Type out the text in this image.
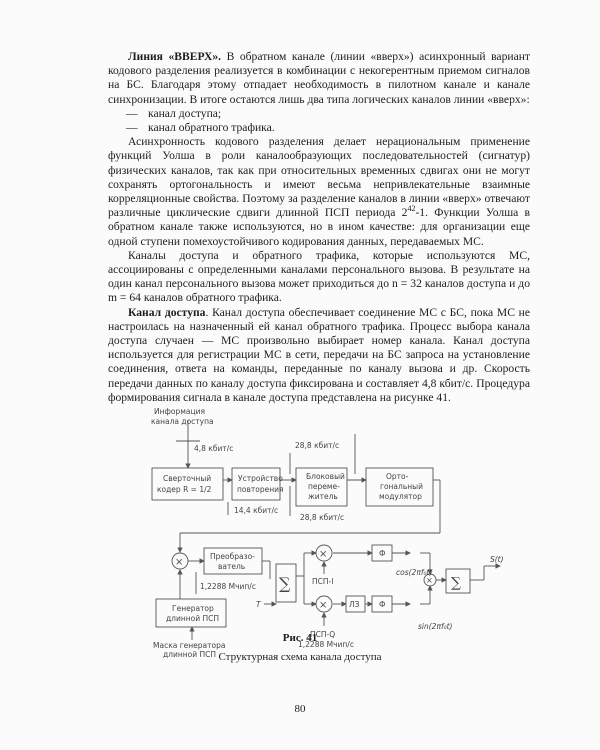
Линия «ВВЕРХ». В обратном канале (линии «вверх») асинхронный вариант кодового разделения реализуется в комбинации с некогерентным приемом сигналов на БС. Благодаря этому отпадает необходимость в пилотном канале и канале синхронизации. В итоге остаются лишь два типа логических каналов линии «вверх»:

— канал доступа;

— канал обратного трафика.

Асинхронность кодового разделения делает нерациональным применение функций Уолша в роли каналообразующих последовательностей (сигнатур) физических каналов, так как при относительных временных сдвигах они не могут сохранять ортогональность и имеют весьма непривлекательные взаимные корреляционные свойства. Поэтому за разделение каналов в линии «вверх» отвечают различные циклические сдвиги длинной ПСП периода $2^{42}-1$. Функции Уолша в обратном канале также используются, но в ином качестве: для организации еще одной ступени помехоустойчивого кодирования данных, передаваемых МС.

Каналы доступа и обратного трафика, которые используются МС, ассоциированы с определенными каналами персонального вызова. В результате на один канал персонального вызова может приходиться до n = 32 каналов доступа и до m = 64 каналов обратного трафика.

Канал доступа. Канал доступа обеспечивает соединение МС с БС, пока МС не настроилась на назначенный ей канал обратного трафика. Процесс выбора канала доступа случаен — МС произвольно выбирает номер канала. Канал доступа используется для регистрации МС в сети, передачи на БС запроса на установление соединения, ответа на команды, переданные по каналу вызова и др. Скорость передачи данных по каналу доступа фиксирована и составляет 4,8 кбит/с. Процедура формирования сигнала в канале доступа представлена на рисунке 41.

Информация
канала доступа
4,8 кбит/с
Сверточный
кодер R = 1/2
Устройство
повторения
28,8 кбит/с
Блоковый
переме-
житель
Орто-
гональный
модулятор
14,4 кбит/с
28,8 кбит/с
Преобразо-
ватель
1,2288 Мчип/с
Генератор
длинной ПСП
Маска генератора
длинной ПСП
T
ПСП-I
ПСП-Q
1,2288 Мчип/с
ЛЗ
Ф
Ф
cos(2πf₀t)
sin(2πf₀t)
S(t)
∑	∑
×
×
×
×
Рис. 41
Структурная схема канала доступа
80
